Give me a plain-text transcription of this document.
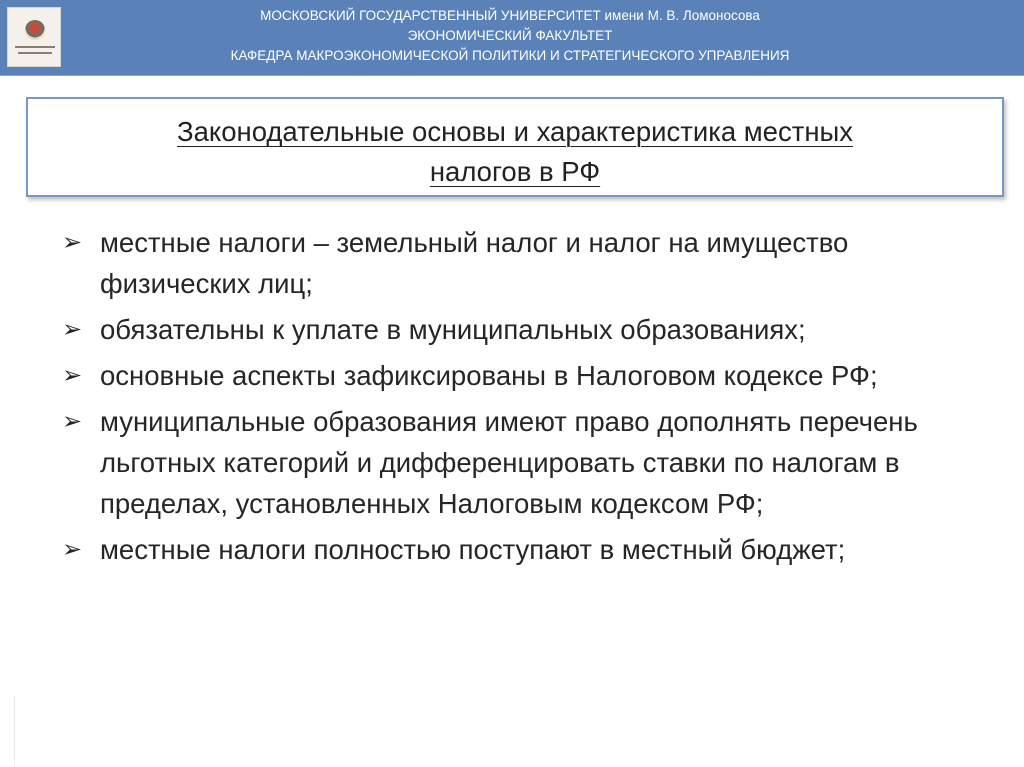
МОСКОВСКИЙ ГОСУДАРСТВЕННЫЙ УНИВЕРСИТЕТ имени М. В. Ломоносова
ЭКОНОМИЧЕСКИЙ ФАКУЛЬТЕТ
КАФЕДРА МАКРОЭКОНОМИЧЕСКОЙ ПОЛИТИКИ И СТРАТЕГИЧЕСКОГО УПРАВЛЕНИЯ
Законодательные основы и характеристика местных
налогов в РФ
➢ местные налоги – земельный налог и налог на имущество физических лиц;
➢ обязательны к уплате в муниципальных образованиях;
➢ основные аспекты зафиксированы в Налоговом кодексе РФ;
➢ муниципальные образования имеют право дополнять перечень льготных категорий и дифференцировать ставки по налогам в пределах, установленных Налоговым кодексом РФ;
➢ местные налоги полностью поступают в местный бюджет;
